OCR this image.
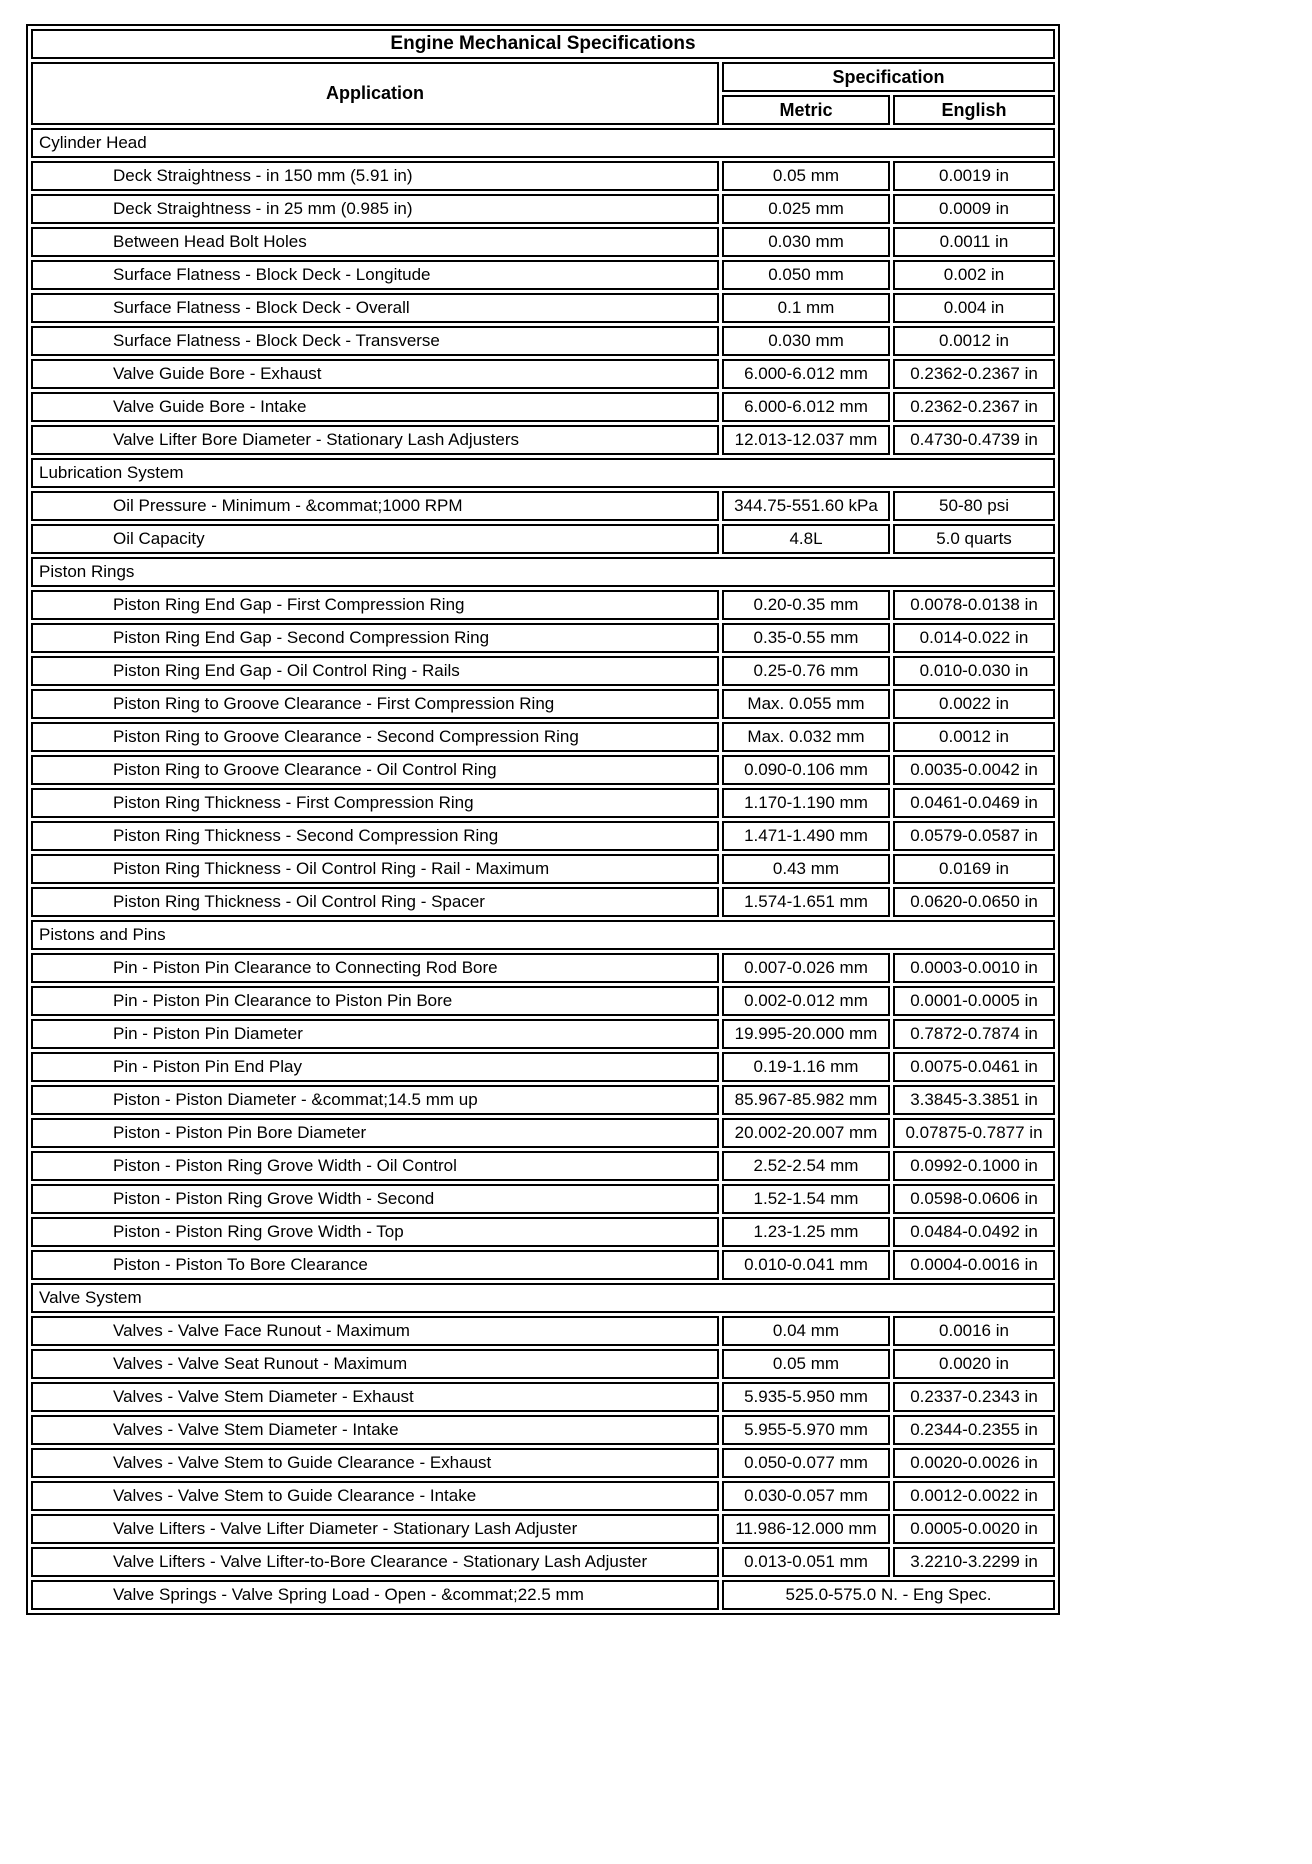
Engine Mechanical Specifications		
Application	Specification	
	Metric	English
Cylinder Head		
Deck Straightness - in 150 mm (5.91 in)	0.05 mm	0.0019 in
Deck Straightness - in 25 mm (0.985 in)	0.025 mm	0.0009 in
Between Head Bolt Holes	0.030 mm	0.0011 in
Surface Flatness - Block Deck - Longitude	0.050 mm	0.002 in
Surface Flatness - Block Deck - Overall	0.1 mm	0.004 in
Surface Flatness - Block Deck - Transverse	0.030 mm	0.0012 in
Valve Guide Bore - Exhaust	6.000-6.012 mm	0.2362-0.2367 in
Valve Guide Bore - Intake	6.000-6.012 mm	0.2362-0.2367 in
Valve Lifter Bore Diameter - Stationary Lash Adjusters	12.013-12.037 mm	0.4730-0.4739 in
Lubrication System		
Oil Pressure - Minimum - &commat;1000 RPM	344.75-551.60 kPa	50-80 psi
Oil Capacity	4.8L	5.0 quarts
Piston Rings		
Piston Ring End Gap - First Compression Ring	0.20-0.35 mm	0.0078-0.0138 in
Piston Ring End Gap - Second Compression Ring	0.35-0.55 mm	0.014-0.022 in
Piston Ring End Gap - Oil Control Ring - Rails	0.25-0.76 mm	0.010-0.030 in
Piston Ring to Groove Clearance - First Compression Ring	Max. 0.055 mm	0.0022 in
Piston Ring to Groove Clearance - Second Compression Ring	Max. 0.032 mm	0.0012 in
Piston Ring to Groove Clearance - Oil Control Ring	0.090-0.106 mm	0.0035-0.0042 in
Piston Ring Thickness - First Compression Ring	1.170-1.190 mm	0.0461-0.0469 in
Piston Ring Thickness - Second Compression Ring	1.471-1.490 mm	0.0579-0.0587 in
Piston Ring Thickness - Oil Control Ring - Rail - Maximum	0.43 mm	0.0169 in
Piston Ring Thickness - Oil Control Ring - Spacer	1.574-1.651 mm	0.0620-0.0650 in
Pistons and Pins		
Pin - Piston Pin Clearance to Connecting Rod Bore	0.007-0.026 mm	0.0003-0.0010 in
Pin - Piston Pin Clearance to Piston Pin Bore	0.002-0.012 mm	0.0001-0.0005 in
Pin - Piston Pin Diameter	19.995-20.000 mm	0.7872-0.7874 in
Pin - Piston Pin End Play	0.19-1.16 mm	0.0075-0.0461 in
Piston - Piston Diameter - &commat;14.5 mm up	85.967-85.982 mm	3.3845-3.3851 in
Piston - Piston Pin Bore Diameter	20.002-20.007 mm	0.07875-0.7877 in
Piston - Piston Ring Grove Width - Oil Control	2.52-2.54 mm	0.0992-0.1000 in
Piston - Piston Ring Grove Width - Second	1.52-1.54 mm	0.0598-0.0606 in
Piston - Piston Ring Grove Width - Top	1.23-1.25 mm	0.0484-0.0492 in
Piston - Piston To Bore Clearance	0.010-0.041 mm	0.0004-0.0016 in
Valve System		
Valves - Valve Face Runout - Maximum	0.04 mm	0.0016 in
Valves - Valve Seat Runout - Maximum	0.05 mm	0.0020 in
Valves - Valve Stem Diameter - Exhaust	5.935-5.950 mm	0.2337-0.2343 in
Valves - Valve Stem Diameter - Intake	5.955-5.970 mm	0.2344-0.2355 in
Valves - Valve Stem to Guide Clearance - Exhaust	0.050-0.077 mm	0.0020-0.0026 in
Valves - Valve Stem to Guide Clearance - Intake	0.030-0.057 mm	0.0012-0.0022 in
Valve Lifters - Valve Lifter Diameter - Stationary Lash Adjuster	11.986-12.000 mm	0.0005-0.0020 in
Valve Lifters - Valve Lifter-to-Bore Clearance - Stationary Lash Adjuster	0.013-0.051 mm	3.2210-3.2299 in
Valve Springs - Valve Spring Load - Open - &commat;22.5 mm	525.0-575.0 N. - Eng Spec.	
